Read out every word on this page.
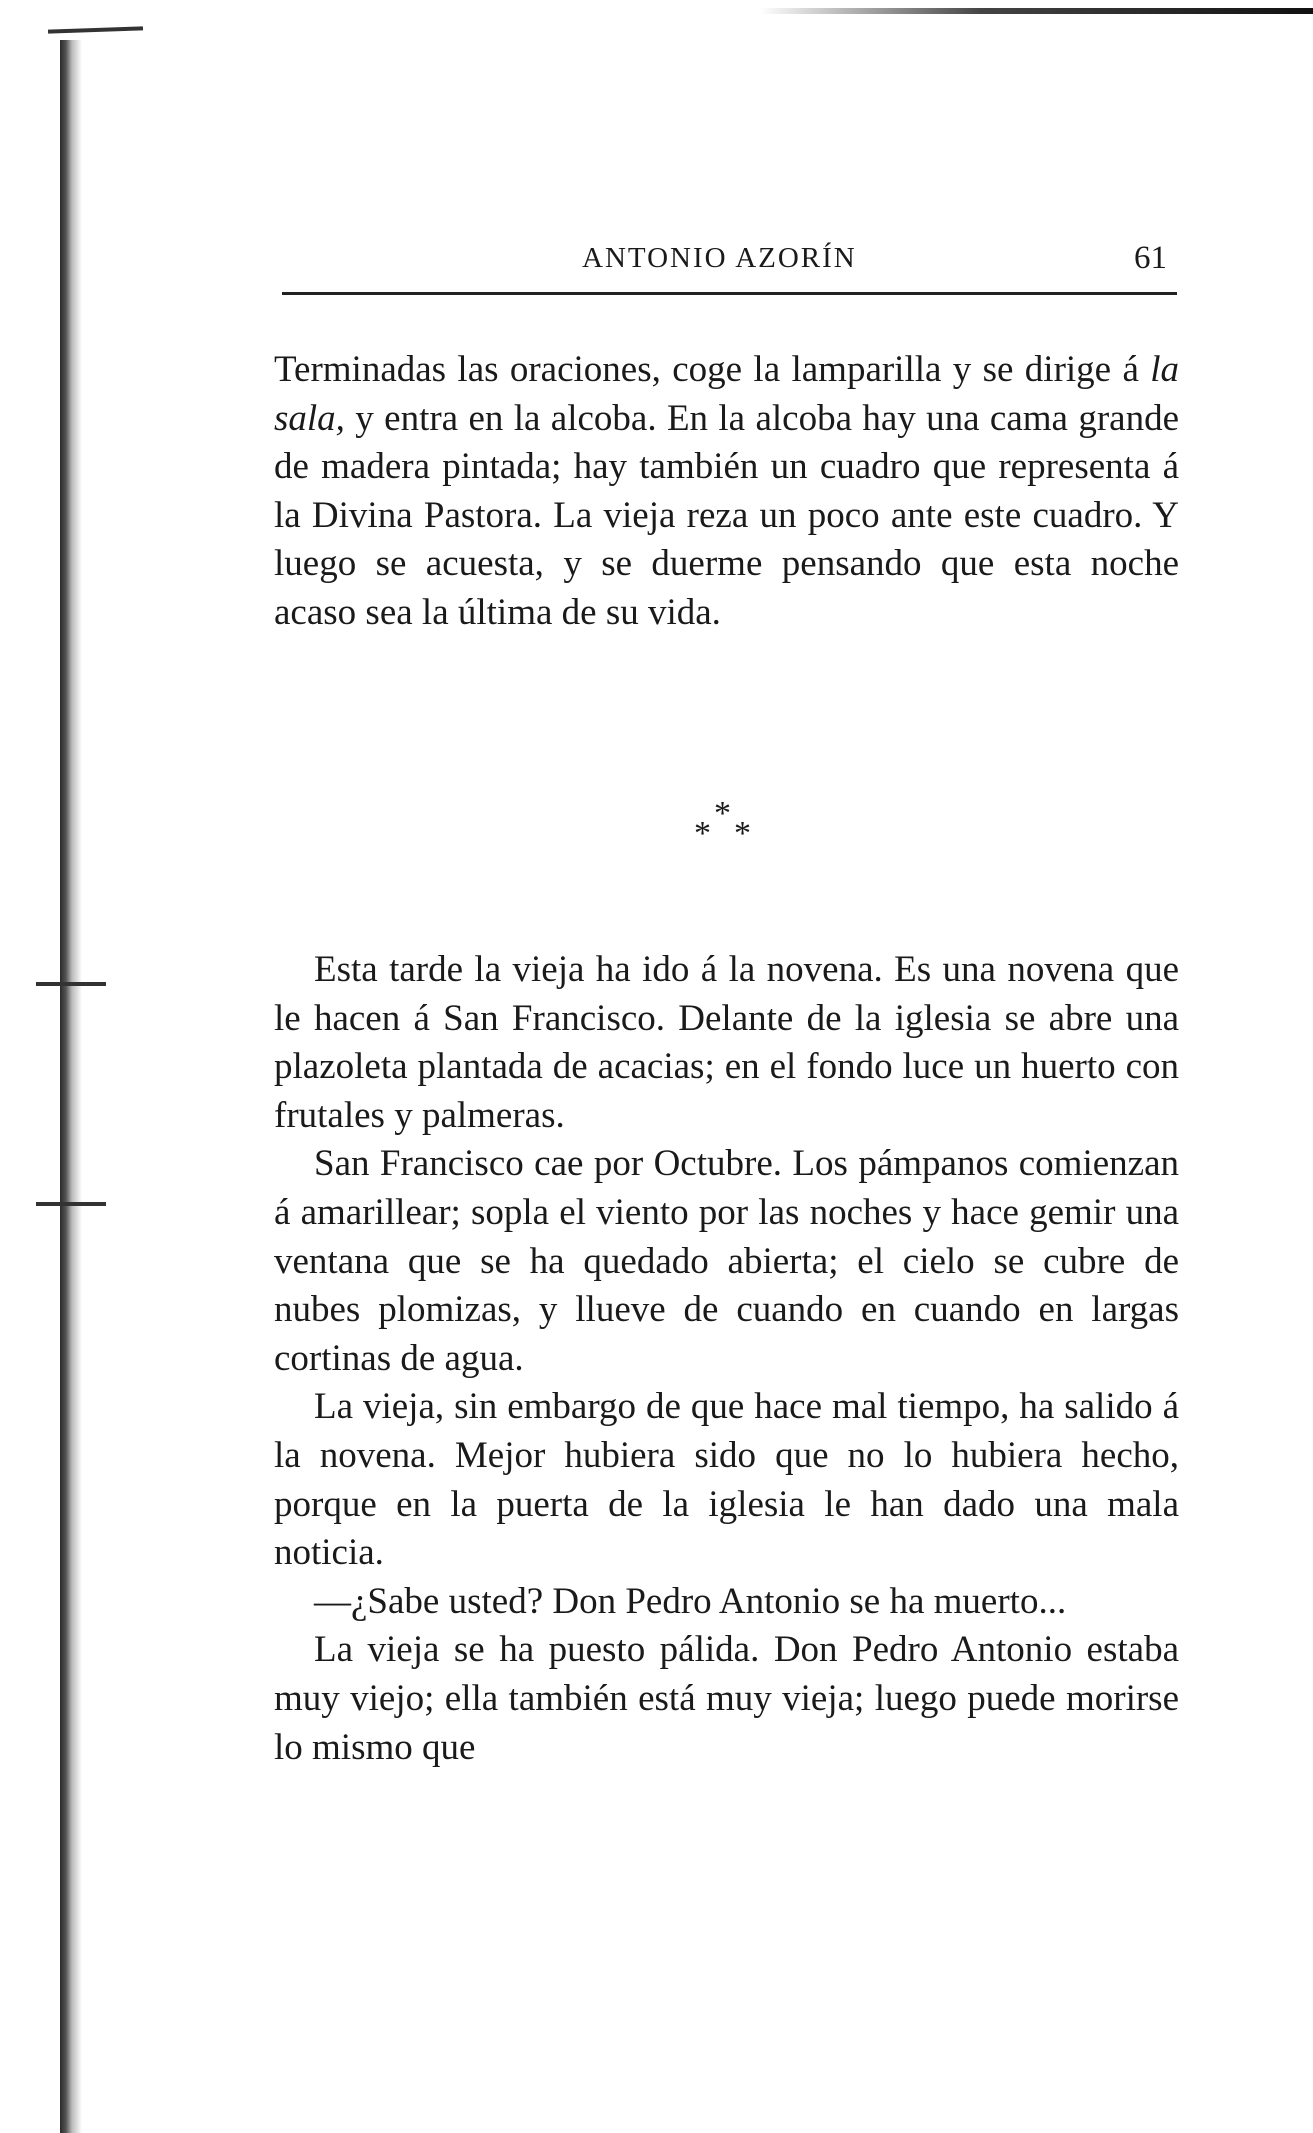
ANTONIO AZORÍN	61

Terminadas las oraciones, coge la lamparilla y se dirige á la sala, y entra en la alcoba. En la alcoba hay una cama grande de madera pintada; hay también un cuadro que representa á la Divina Pastora. La vieja reza un poco ante este cuadro. Y luego se acuesta, y se duerme pensando que esta noche acaso sea la última de su vida.

*
* *

Esta tarde la vieja ha ido á la novena. Es una novena que le hacen á San Francisco. Delante de la iglesia se abre una plazoleta plantada de acacias; en el fondo luce un huerto con frutales y palmeras.

San Francisco cae por Octubre. Los pámpanos comienzan á amarillear; sopla el viento por las noches y hace gemir una ventana que se ha quedado abierta; el cielo se cubre de nubes plomizas, y llueve de cuando en cuando en largas cortinas de agua.

La vieja, sin embargo de que hace mal tiempo, ha salido á la novena. Mejor hubiera sido que no lo hubiera hecho, porque en la puerta de la iglesia le han dado una mala noticia.

—¿Sabe usted? Don Pedro Antonio se ha muerto...

La vieja se ha puesto pálida. Don Pedro Antonio estaba muy viejo; ella también está muy vieja; luego puede morirse lo mismo que
